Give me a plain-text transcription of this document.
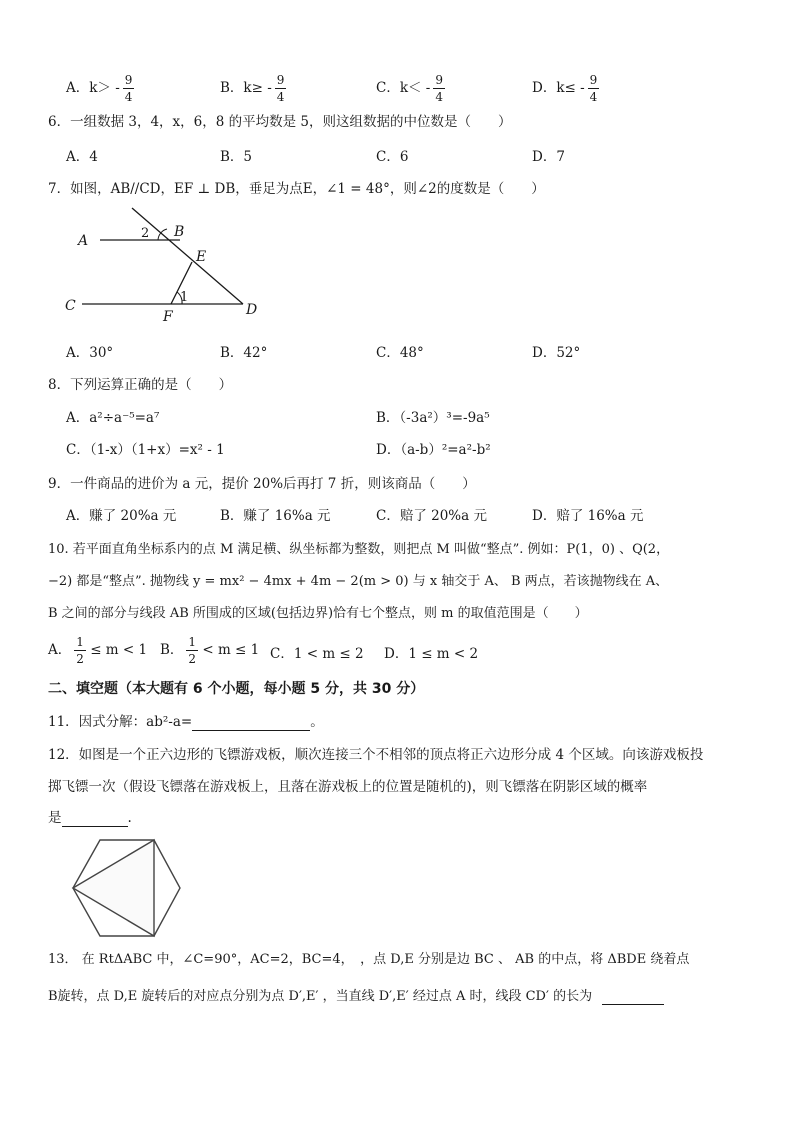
A．$k> - \frac{9}{4}$	B．$k\ge - \frac{9}{4}$	C．$k< - \frac{9}{4}$	D．$k\le - \frac{9}{4}$
6．一组数据 3，4，x，6，8 的平均数是 5，则这组数据的中位数是（　　）
A．4	B．5	C．6	D．7
7．如图，AB//CD，EF ⊥ DB，垂足为点E，∠1 = 48°，则∠2的度数是（　　）
A
B
E
C	D
F
2
1
A．30°	B．42°	C．48°	D．52°
8．下列运算正确的是（　　）
A．a²÷a⁻⁵=a⁷	B．（-3a²）³=-9a⁵
C．（1-x）（1+x）=x² - 1	D．（a-b）²=a²-b²
9．一件商品的进价为 a 元，提价 20%后再打 7 折，则该商品（　　）
A．赚了 20%a 元	B．赚了 16%a 元	C．赔了 20%a 元	D．赔了 16%a 元
10. 若平面直角坐标系内的点 M 满足横、纵坐标都为整数，则把点 M 叫做“整点”. 例如：P(1，0) 、Q(2，
−2) 都是“整点”. 抛物线 y = mx² − 4mx + 4m − 2(m > 0) 与 x 轴交于 A、 B 两点，若该抛物线在 A、
B 之间的部分与线段 AB 所围成的区域(包括边界)恰有七个整点，则 m 的取值范围是（　　）
A． $\frac{1}{2} \le m < 1$ B． $\frac{1}{2} < m \le 1$ C．1 < m ≤ 2 D．1 ≤ m < 2
二、填空题（本大题有 6 个小题，每小题 5 分，共 30 分）
11．因式分解：ab²-a=	。
12．如图是一个正六边形的飞镖游戏板，顺次连接三个不相邻的顶点将正六边形分成 4 个区域。向该游戏板投
掷飞镖一次（假设飞镖落在游戏板上，且落在游戏板上的位置是随机的)，则飞镖落在阴影区域的概率
是	.
13． 在 RtΔABC 中，∠C=90°，AC=2，BC=4，　，点 D,E 分别是边 BC 、 AB 的中点，将 ΔBDE 绕着点
B旋转，点 D,E 旋转后的对应点分别为点 D′,E′ ，当直线 D′,E′ 经过点 A 时，线段 CD′ 的长为
